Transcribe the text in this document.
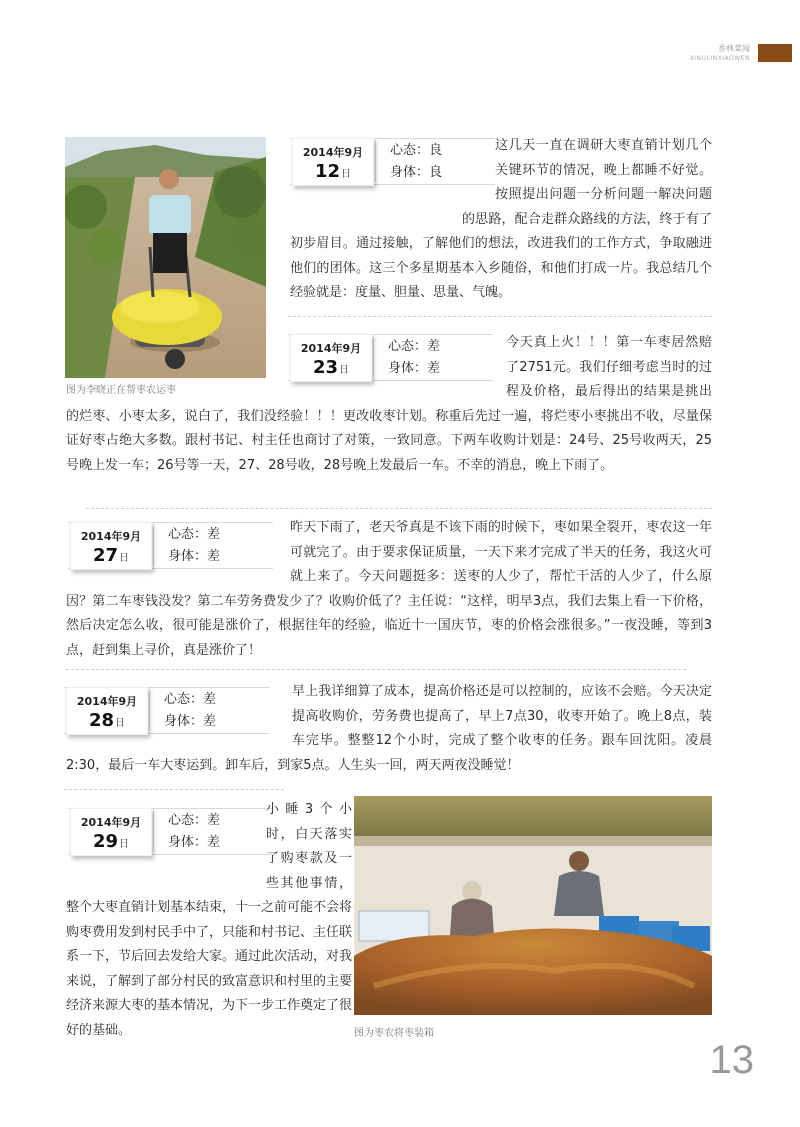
香林菜闻
XINGLINXIAOWEN
图为李晓正在帮枣农运枣
2014年9月
12日
心态：良
身体：良

这几天一直在调研大枣直销计划几个关键环节的情况，晚上都睡不好觉。按照提出问题一分析问题一解决问题的思路，配合走群众路线的方法，终于有了初步眉目。通过接触，了解他们的想法，改进我们的工作方式，争取融进他们的团体。这三个多星期基本入乡随俗，和他们打成一片。我总结几个经验就是：度量、胆量、思量、气魄。

2014年9月
23日
心态：差
身体：差

今天真上火！！！第一车枣居然赔了2751元。我们仔细考虑当时的过程及价格，最后得出的结果是挑出的烂枣、小枣太多，说白了，我们没经验！！！更改收枣计划。称重后先过一遍，将烂枣小枣挑出不收，尽量保证好枣占绝大多数。跟村书记、村主任也商讨了对策，一致同意。下两车收购计划是：24号、25号收两天，25号晚上发一车；26号等一天，27、28号收，28号晚上发最后一车。不幸的消息，晚上下雨了。

2014年9月
27日
心态：差
身体：差

昨天下雨了，老天爷真是不该下雨的时候下，枣如果全裂开，枣农这一年可就完了。由于要求保证质量，一天下来才完成了半天的任务，我这火可就上来了。今天问题挺多：送枣的人少了，帮忙干活的人少了，什么原因？第二车枣钱没发？第二车劳务费发少了？收购价低了？主任说：“这样，明早3点，我们去集上看一下价格，然后决定怎么收，很可能是涨价了，根据往年的经验，临近十一国庆节，枣的价格会涨很多。”一夜没睡，等到3点，赶到集上寻价，真是涨价了！

2014年9月
28日
心态：差
身体：差

早上我详细算了成本，提高价格还是可以控制的，应该不会赔。今天决定提高收购价，劳务费也提高了，早上7点30，收枣开始了。晚上8点，装车完毕。整整12个小时，完成了整个收枣的任务。跟车回沈阳。凌晨2:30，最后一车大枣运到。卸车后，到家5点。人生头一回，两天两夜没睡觉！

图为枣农将枣装箱
2014年9月
29日
心态：差
身体：差

小睡3个小时，白天落实了购枣款及一些其他事情，整个大枣直销计划基本结束，十一之前可能不会将购枣费用发到村民手中了，只能和村书记、主任联系一下，节后回去发给大家。通过此次活动，对我来说，了解到了部分村民的致富意识和村里的主要经济来源大枣的基本情况，为下一步工作奠定了很好的基础。

13
